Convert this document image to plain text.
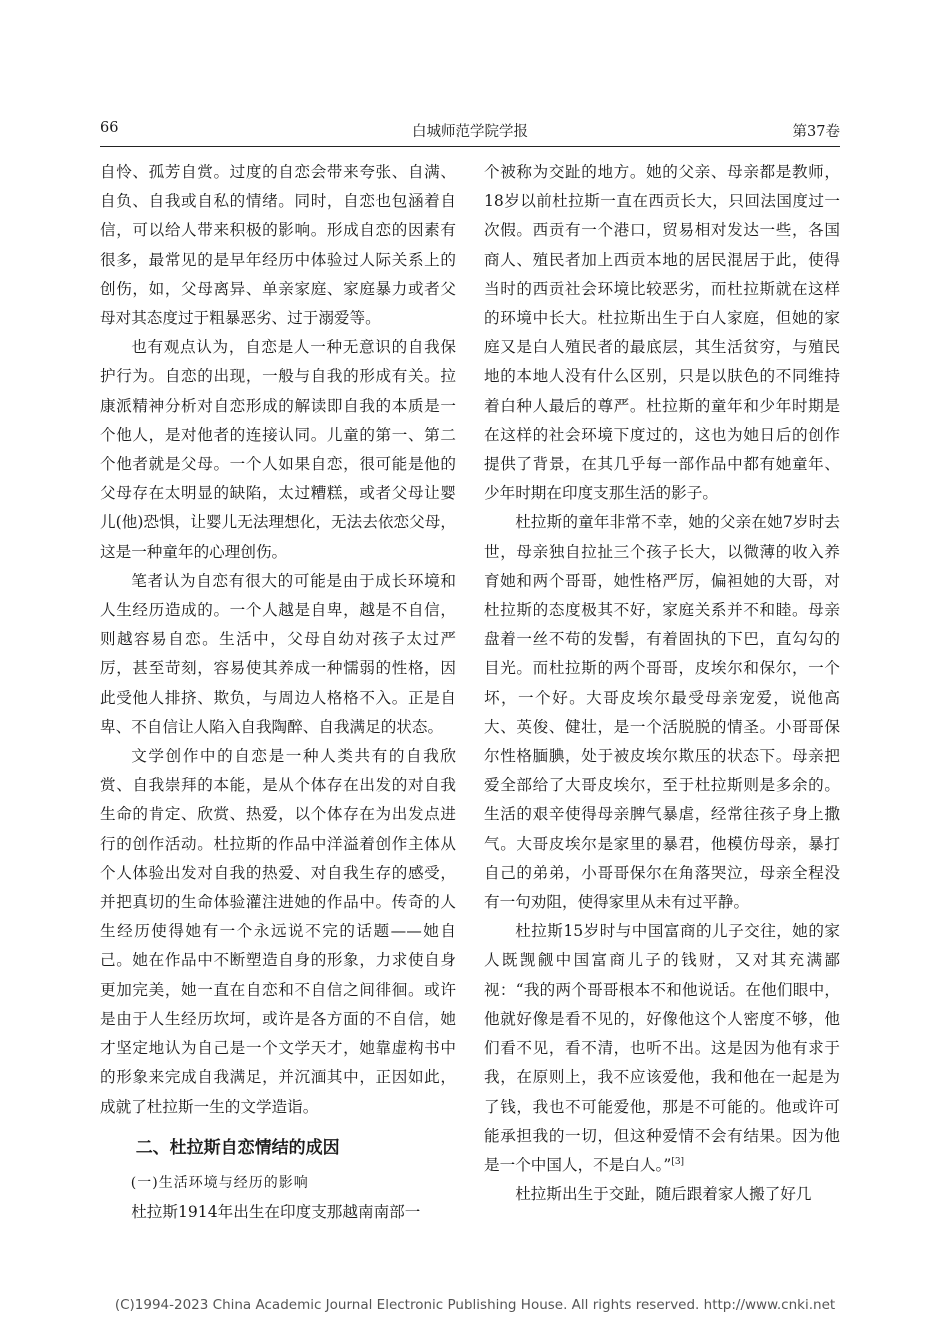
66	白城师范学院学报	第37卷

自怜、孤芳自赏。过度的自恋会带来夸张、自满、自负、自我或自私的情绪。同时，自恋也包涵着自信，可以给人带来积极的影响。形成自恋的因素有很多，最常见的是早年经历中体验过人际关系上的创伤，如，父母离异、单亲家庭、家庭暴力或者父母对其态度过于粗暴恶劣、过于溺爱等。

也有观点认为，自恋是人一种无意识的自我保护行为。自恋的出现，一般与自我的形成有关。拉康派精神分析对自恋形成的解读即自我的本质是一个他人，是对他者的连接认同。儿童的第一、第二个他者就是父母。一个人如果自恋，很可能是他的父母存在太明显的缺陷，太过糟糕，或者父母让婴儿(他)恐惧，让婴儿无法理想化，无法去依恋父母，这是一种童年的心理创伤。

笔者认为自恋有很大的可能是由于成长环境和人生经历造成的。一个人越是自卑，越是不自信，则越容易自恋。生活中，父母自幼对孩子太过严厉，甚至苛刻，容易使其养成一种懦弱的性格，因此受他人排挤、欺负，与周边人格格不入。正是自卑、不自信让人陷入自我陶醉、自我满足的状态。

文学创作中的自恋是一种人类共有的自我欣赏、自我崇拜的本能，是从个体存在出发的对自我生命的肯定、欣赏、热爱，以个体存在为出发点进行的创作活动。杜拉斯的作品中洋溢着创作主体从个人体验出发对自我的热爱、对自我生存的感受，并把真切的生命体验灌注进她的作品中。传奇的人生经历使得她有一个永远说不完的话题——她自己。她在作品中不断塑造自身的形象，力求使自身更加完美，她一直在自恋和不自信之间徘徊。或许是由于人生经历坎坷，或许是各方面的不自信，她才坚定地认为自己是一个文学天才，她靠虚构书中的形象来完成自我满足，并沉湎其中，正因如此，成就了杜拉斯一生的文学造诣。

二、杜拉斯自恋情结的成因
(一)生活环境与经历的影响

杜拉斯1914年出生在印度支那越南南部一

个被称为交趾的地方。她的父亲、母亲都是教师，18岁以前杜拉斯一直在西贡长大，只回法国度过一次假。西贡有一个港口，贸易相对发达一些，各国商人、殖民者加上西贡本地的居民混居于此，使得当时的西贡社会环境比较恶劣，而杜拉斯就在这样的环境中长大。杜拉斯出生于白人家庭，但她的家庭又是白人殖民者的最底层，其生活贫穷，与殖民地的本地人没有什么区别，只是以肤色的不同维持着白种人最后的尊严。杜拉斯的童年和少年时期是在这样的社会环境下度过的，这也为她日后的创作提供了背景，在其几乎每一部作品中都有她童年、少年时期在印度支那生活的影子。

杜拉斯的童年非常不幸，她的父亲在她7岁时去世，母亲独自拉扯三个孩子长大，以微薄的收入养育她和两个哥哥，她性格严厉，偏袒她的大哥，对杜拉斯的态度极其不好，家庭关系并不和睦。母亲盘着一丝不苟的发髻，有着固执的下巴，直勾勾的目光。而杜拉斯的两个哥哥，皮埃尔和保尔，一个坏，一个好。大哥皮埃尔最受母亲宠爱，说他高大、英俊、健壮，是一个活脱脱的情圣。小哥哥保尔性格腼腆，处于被皮埃尔欺压的状态下。母亲把爱全部给了大哥皮埃尔，至于杜拉斯则是多余的。生活的艰辛使得母亲脾气暴虐，经常往孩子身上撒气。大哥皮埃尔是家里的暴君，他模仿母亲，暴打自己的弟弟，小哥哥保尔在角落哭泣，母亲全程没有一句劝阻，使得家里从未有过平静。

杜拉斯15岁时与中国富商的儿子交往，她的家人既觊觎中国富商儿子的钱财，又对其充满鄙视：“我的两个哥哥根本不和他说话。在他们眼中，他就好像是看不见的，好像他这个人密度不够，他们看不见，看不清，也听不出。这是因为他有求于我，在原则上，我不应该爱他，我和他在一起是为了钱，我也不可能爱他，那是不可能的。他或许可能承担我的一切，但这种爱情不会有结果。因为他是一个中国人，不是白人。”[3]

杜拉斯出生于交趾，随后跟着家人搬了好几

(C)1994-2023 China Academic Journal Electronic Publishing House. All rights reserved. http://www.cnki.net
